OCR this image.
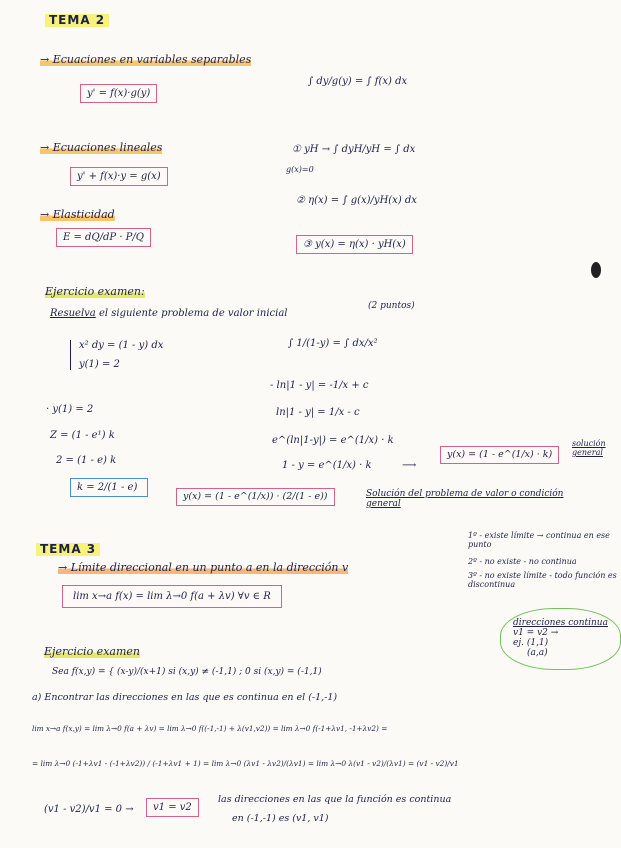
TEMA 2
→ Ecuaciones en variables separables
y' = f(x)·g(y)
∫ dy/g(y) = ∫ f(x) dx
→ Ecuaciones lineales
y' + f(x)·y = g(x)
① yH → ∫ dyH/yH = ∫ dx
g(x)=0
② η(x) = ∫ g(x)/yH(x) dx
③ y(x) = η(x) · yH(x)
→ Elasticidad
E = dQ/dP · P/Q
Ejercicio examen:
Resuelva el siguiente problema de valor inicial
(2 puntos)
x² dy = (1 - y) dx
y(1) = 2
∫ 1/(1-y) = ∫ dx/x²
- ln|1 - y| = -1/x + c
ln|1 - y| = 1/x - c
e^(ln|1-y|) = e^(1/x) · k
1 - y = e^(1/x) · k	⟶
y(x) = (1 - e^(1/x) · k)
solución general
· y(1) = 2
Z = (1 - e¹) k
2 = (1 - e) k
k = 2/(1 - e)
y(x) = (1 - e^(1/x)) · (2/(1 - e))	Solución del problema de valor o condición general
TEMA 3
→ Límite direccional en un punto a en la dirección v
lim x→a f(x) = lim λ→0 f(a + λv) ∀v ∈ R
1º - existe límite → continua en ese punto
2º - no existe - no continua
3º - no existe límite - todo función es discontinua
direcciones continua
v1 = v2 →
ej. (1,1)
(a,a)
Ejercicio examen
Sea f(x,y) = { (x-y)/(x+1) si (x,y) ≠ (-1,1) ; 0 si (x,y) = (-1,1)
a) Encontrar las direcciones en las que es continua en el (-1,-1)
lim x→a f(x,y) = lim λ→0 f(a + λv) = lim λ→0 f((-1,-1) + λ(v1,v2)) = lim λ→0 f(-1+λv1, -1+λv2) =
= lim λ→0 (-1+λv1 - (-1+λv2)) / (-1+λv1 + 1) = lim λ→0 (λv1 - λv2)/(λv1) = lim λ→0 λ(v1 - v2)/(λv1) = (v1 - v2)/v1
(v1 - v2)/v1 = 0 →	v1 = v2
las direcciones en las que la función es continua
en (-1,-1) es (v1, v1)
